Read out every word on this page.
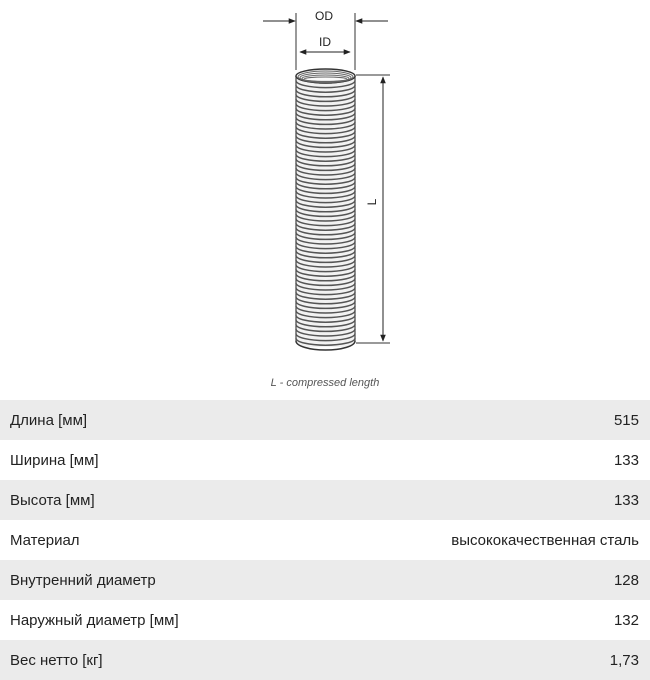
OD
ID
L
L - compressed length
Длина [мм]	515
Ширина [мм]	133
Высота [мм]	133
Материал	высококачественная сталь
Внутренний диаметр	128
Наружный диаметр [мм]	132
Вес нетто [кг]	1,73
